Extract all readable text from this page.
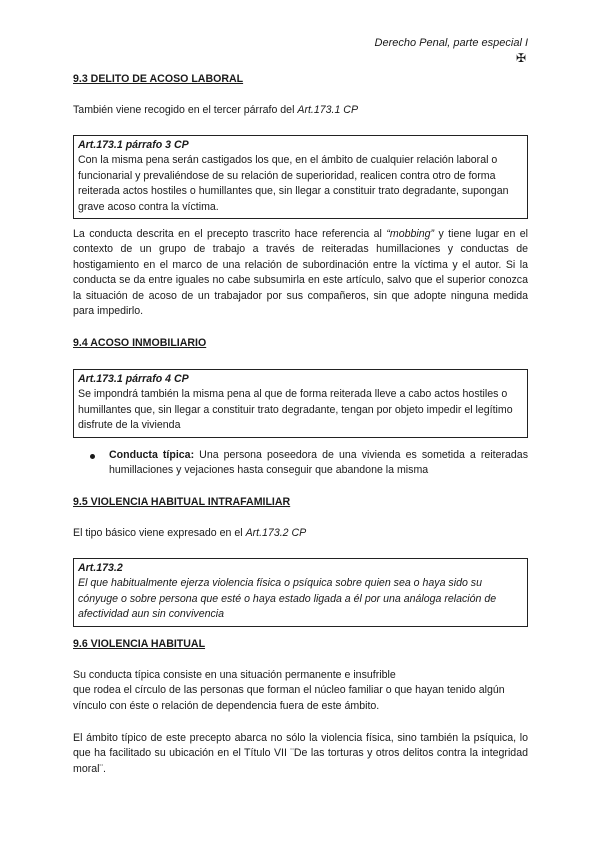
Derecho Penal, parte especial I
✠
9.3 DELITO DE ACOSO LABORAL
También viene recogido en el tercer párrafo del Art.173.1 CP
Art.173.1 párrafo 3 CP
Con la misma pena serán castigados los que, en el ámbito de cualquier relación laboral o funcionarial y prevaliéndose de su relación de superioridad, realicen contra otro de forma reiterada actos hostiles o humillantes que, sin llegar a constituir trato degradante, supongan grave acoso contra la víctima.
La conducta descrita en el precepto trascrito hace referencia al “mobbing” y tiene lugar en el contexto de un grupo de trabajo a través de reiteradas humillaciones y conductas de hostigamiento en el marco de una relación de subordinación entre la víctima y el autor. Si la conducta se da entre iguales no cabe subsumirla en este artículo, salvo que el superior conozca la situación de acoso de un trabajador por sus compañeros, sin que adopte ninguna medida para impedirlo.
9.4 ACOSO INMOBILIARIO
Art.173.1 párrafo 4 CP
Se impondrá también la misma pena al que de forma reiterada lleve a cabo actos hostiles o humillantes que, sin llegar a constituir trato degradante, tengan por objeto impedir el legítimo disfrute de la vivienda
Conducta típica: Una persona poseedora de una vivienda es sometida a reiteradas humillaciones y vejaciones hasta conseguir que abandone la misma
9.5 VIOLENCIA HABITUAL INTRAFAMILIAR
El tipo básico viene expresado en el Art.173.2 CP
Art.173.2
El que habitualmente ejerza violencia física o psíquica sobre quien sea o haya sido su cónyuge o sobre persona que esté o haya estado ligada a él por una análoga relación de afectividad aun sin convivencia
9.6 VIOLENCIA HABITUAL

Su conducta típica consiste en una situación permanente e insufrible

que rodea el círculo de las personas que forman el núcleo familiar o que hayan tenido algún vínculo con éste o relación de dependencia fuera de este ámbito.

El ámbito típico de este precepto abarca no sólo la violencia física, sino también la psíquica, lo que ha facilitado su ubicación en el Título VII ¨De las torturas y otros delitos contra la integridad moral¨.
